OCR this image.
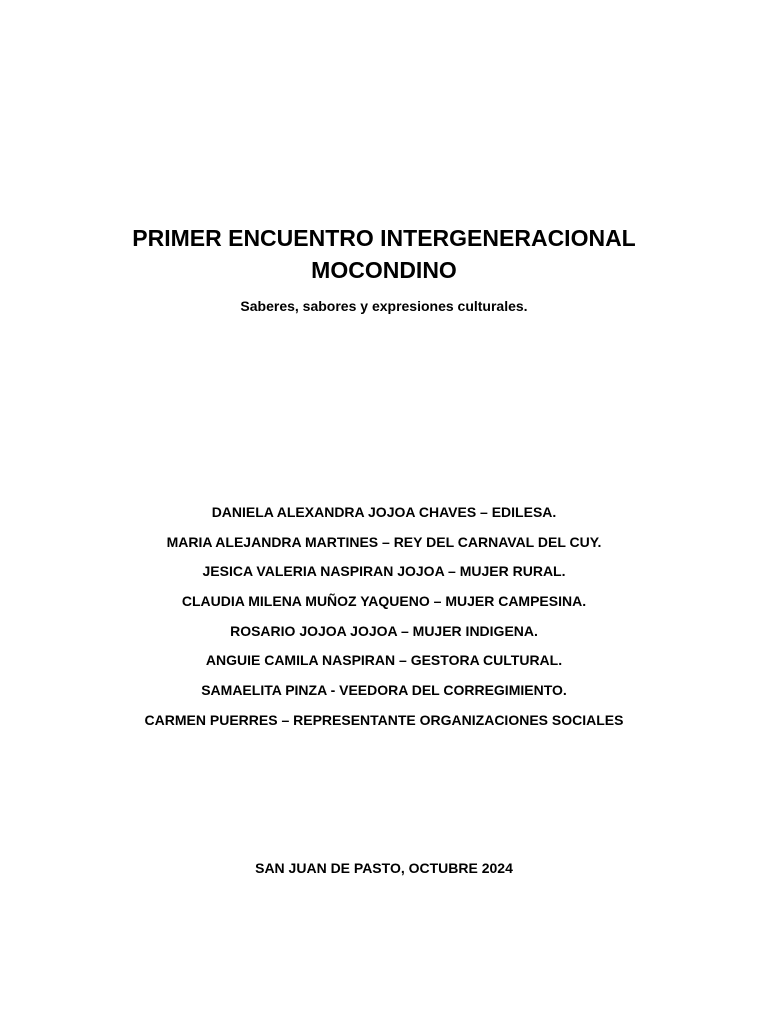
PRIMER ENCUENTRO INTERGENERACIONAL
MOCONDINO

Saberes, sabores y expresiones culturales.

DANIELA ALEXANDRA JOJOA CHAVES – EDILESA.
MARIA ALEJANDRA MARTINES – REY DEL CARNAVAL DEL CUY.
JESICA VALERIA NASPIRAN JOJOA – MUJER RURAL.
CLAUDIA MILENA MUÑOZ YAQUENO – MUJER CAMPESINA.
ROSARIO JOJOA JOJOA – MUJER INDIGENA.
ANGUIE CAMILA NASPIRAN – GESTORA CULTURAL.
SAMAELITA PINZA - VEEDORA DEL CORREGIMIENTO.
CARMEN PUERRES – REPRESENTANTE ORGANIZACIONES SOCIALES

SAN JUAN DE PASTO, OCTUBRE 2024
